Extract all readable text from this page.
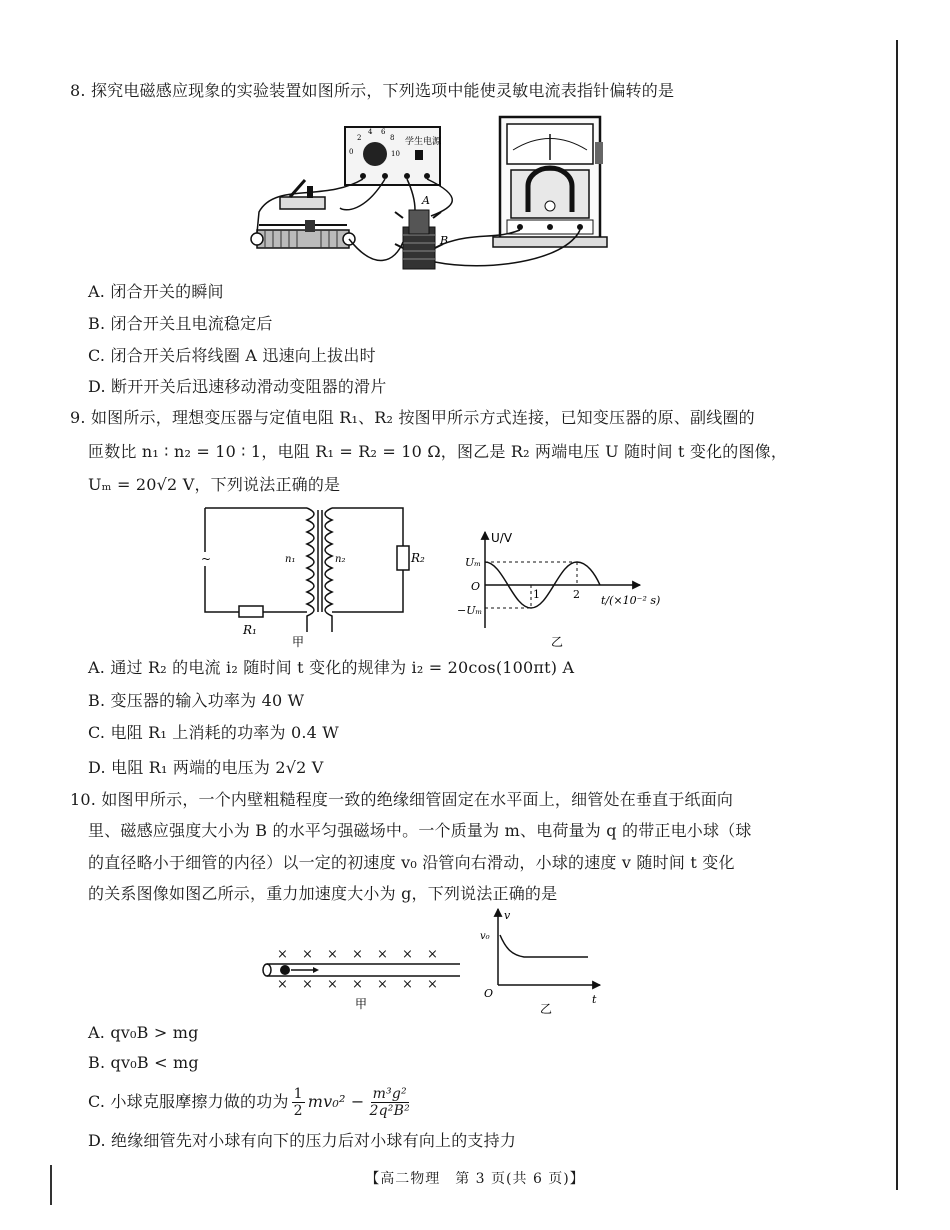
8. 探究电磁感应现象的实验装置如图所示，下列选项中能使灵敏电流表指针偏转的是
2
0
4 6
8
10
学生电源
A
B
A. 闭合开关的瞬间
B. 闭合开关且电流稳定后
C. 闭合开关后将线圈 A 迅速向上拔出时
D. 断开开关后迅速移动滑动变阻器的滑片
9. 如图所示，理想变压器与定值电阻 R₁、R₂ 按图甲所示方式连接，已知变压器的原、副线圈的
匝数比 n₁ ∶ n₂ = 10 ∶ 1，电阻 R₁ = R₂ = 10 Ω，图乙是 R₂ 两端电压 U 随时间 t 变化的图像，
Uₘ = 20√2 V，下列说法正确的是
~	n₁	n₂
R₁
R₂
甲
U/V
Uₘ
O
−Uₘ
1	2 t/(×10⁻² s)
乙
A. 通过 R₂ 的电流 i₂ 随时间 t 变化的规律为 i₂ = 20cos(100πt) A
B. 变压器的输入功率为 40 W
C. 电阻 R₁ 上消耗的功率为 0.4 W
D. 电阻 R₁ 两端的电压为 2√2 V
10. 如图甲所示，一个内壁粗糙程度一致的绝缘细管固定在水平面上，细管处在垂直于纸面向
里、磁感应强度大小为 B 的水平匀强磁场中。一个质量为 m、电荷量为 q 的带正电小球（球
的直径略小于细管的内径）以一定的初速度 v₀ 沿管向右滑动，小球的速度 v 随时间 t 变化
的关系图像如图乙所示，重力加速度大小为 g，下列说法正确的是
× × × × × × ×
× × × × × × ×
甲
v
v₀
O	t
乙
A. qv₀B > mg
B. qv₀B < mg
C. 小球克服摩擦力做的功为 $\frac{1}{2} mv_0^2 - \frac{\text{m³g²}}{\text{2q²B²}}$
D. 绝缘细管先对小球有向下的压力后对小球有向上的支持力
【高二物理　第 3 页(共 6 页)】
